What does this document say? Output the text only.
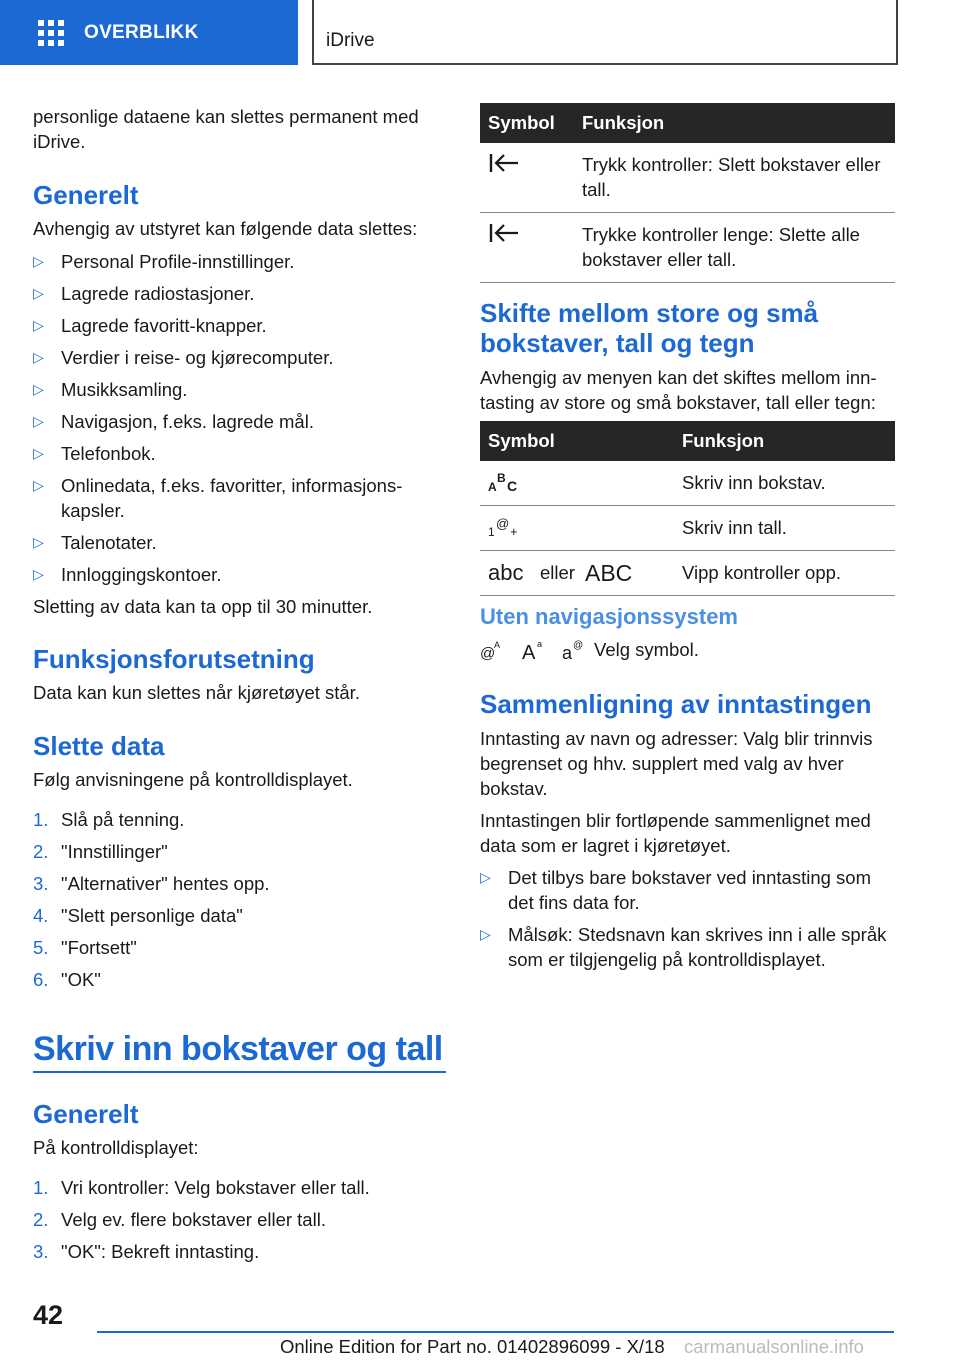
OVERBLIKK	iDrive

personlige dataene kan slettes permanent med iDrive.

Generelt

Avhengig av utstyret kan følgende data slettes:

▷ Personal Profile-innstillinger.
▷ Lagrede radiostasjoner.
▷ Lagrede favoritt-knapper.
▷ Verdier i reise- og kjørecomputer.
▷ Musikksamling.
▷ Navigasjon, f.eks. lagrede mål.
▷ Telefonbok.
▷ Onlinedata, f.eks. favoritter, informasjons-kapsler.
▷ Talenotater.
▷ Innloggingskontoer.

Sletting av data kan ta opp til 30 minutter.

Funksjonsforutsetning

Data kan kun slettes når kjøretøyet står.

Slette data

Følg anvisningene på kontrolldisplayet.

1. Slå på tenning.
2. "Innstillinger"
3. "Alternativer" hentes opp.
4. "Slett personlige data"
5. "Fortsett"
6. "OK"
Skriv inn bokstaver og tall
Generelt

På kontrolldisplayet:

1. Vri kontroller: Velg bokstaver eller tall.
2. Velg ev. flere bokstaver eller tall.
3. "OK": Bekreft inntasting.
Symbol	Funksjon

	Trykk kontroller: Slett bokstaver eller tall.

	Trykke kontroller lenge: Slette alle bokstaver eller tall.
Skifte mellom store og små bokstaver, tall og tegn

Avhengig av menyen kan det skiftes mellom inn-tasting av store og små bokstaver, tall eller tegn:

Symbol	Funksjon

A
B C	Skriv inn bokstav.

1
@
+	Skriv inn tall.

abc eller ABC	Vipp kontroller opp.
Uten navigasjonssystem
@
A A a a @ Velg symbol.
Sammenligning av inntastingen

Inntasting av navn og adresser: Valg blir trinnvis begrenset og hhv. supplert med valg av hver bokstav.

Inntastingen blir fortløpende sammenlignet med data som er lagret i kjøretøyet.

▷ Det tilbys bare bokstaver ved inntasting som det fins data for.
▷ Målsøk: Stedsnavn kan skrives inn i alle språk som er tilgjengelig på kontrolldisplayet.
42
Online Edition for Part no. 01402896099 - X/18 carmanualsonline.info
